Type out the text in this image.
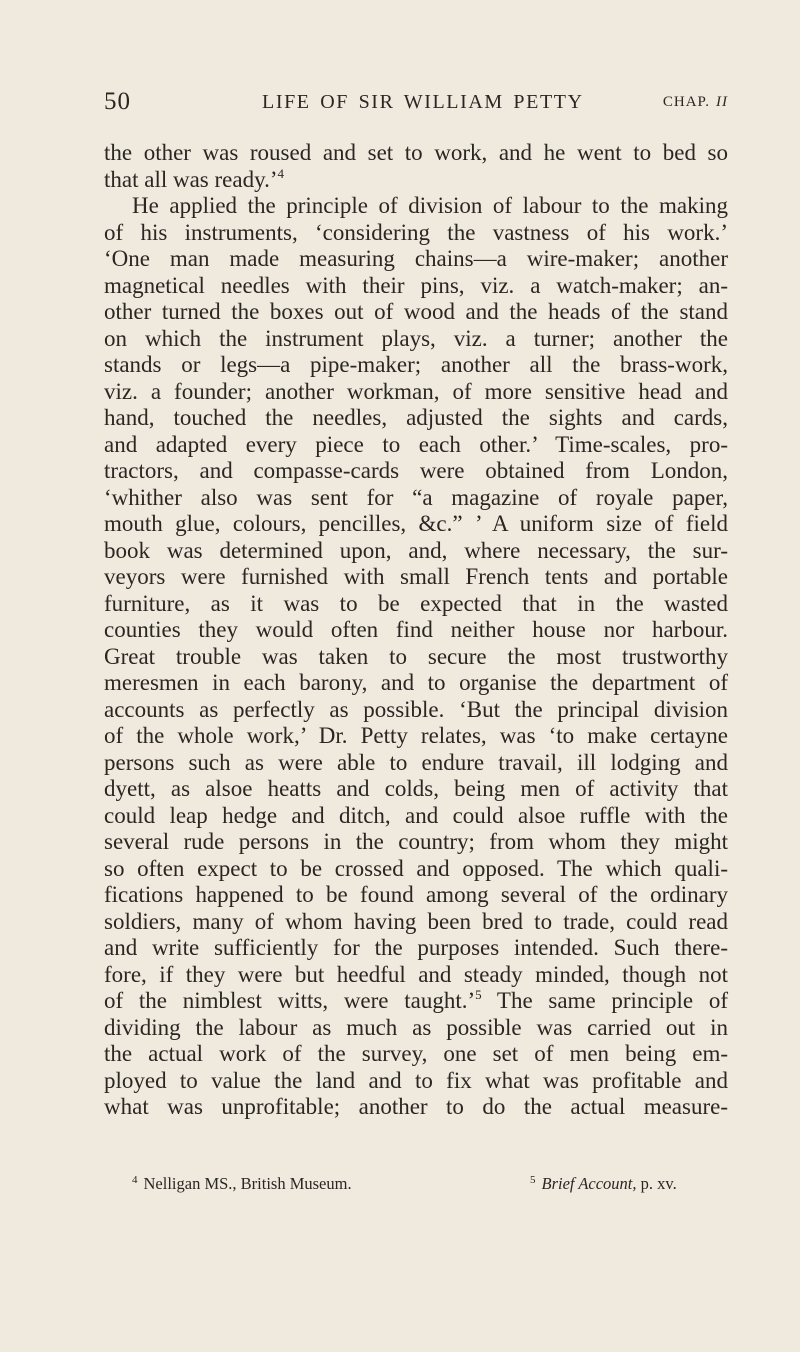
50	LIFE OF SIR WILLIAM PETTY	CHAP. II
the other was roused and set to work, and he went to bed so
that all was ready.’$^4$
He applied the principle of division of labour to the making
of his instruments, ‘considering the vastness of his work.’
‘One man made measuring chains—a wire-maker; another
magnetical needles with their pins, viz. a watch-maker; an-
other turned the boxes out of wood and the heads of the stand
on which the instrument plays, viz. a turner; another the
stands or legs—a pipe-maker; another all the brass-work,
viz. a founder; another workman, of more sensitive head and
hand, touched the needles, adjusted the sights and cards,
and adapted every piece to each other.’ Time-scales, pro-
tractors, and compasse-cards were obtained from London,
‘whither also was sent for “a magazine of royale paper,
mouth glue, colours, pencilles, &c.” ’ A uniform size of field
book was determined upon, and, where necessary, the sur-
veyors were furnished with small French tents and portable
furniture, as it was to be expected that in the wasted
counties they would often find neither house nor harbour.
Great trouble was taken to secure the most trustworthy
meresmen in each barony, and to organise the department of
accounts as perfectly as possible. ‘But the principal division
of the whole work,’ Dr. Petty relates, was ‘to make certayne
persons such as were able to endure travail, ill lodging and
dyett, as alsoe heatts and colds, being men of activity that
could leap hedge and ditch, and could alsoe ruffle with the
several rude persons in the country; from whom they might
so often expect to be crossed and opposed. The which quali-
fications happened to be found among several of the ordinary
soldiers, many of whom having been bred to trade, could read
and write sufficiently for the purposes intended. Such there-
fore, if they were but heedful and steady minded, though not
of the nimblest witts, were taught.’$^5$ The same principle of
dividing the labour as much as possible was carried out in
the actual work of the survey, one set of men being em-
ployed to value the land and to fix what was profitable and
what was unprofitable; another to do the actual measure-
$^4$ Nelligan MS., British Museum.	$^5$ Brief Account, p. xv.
